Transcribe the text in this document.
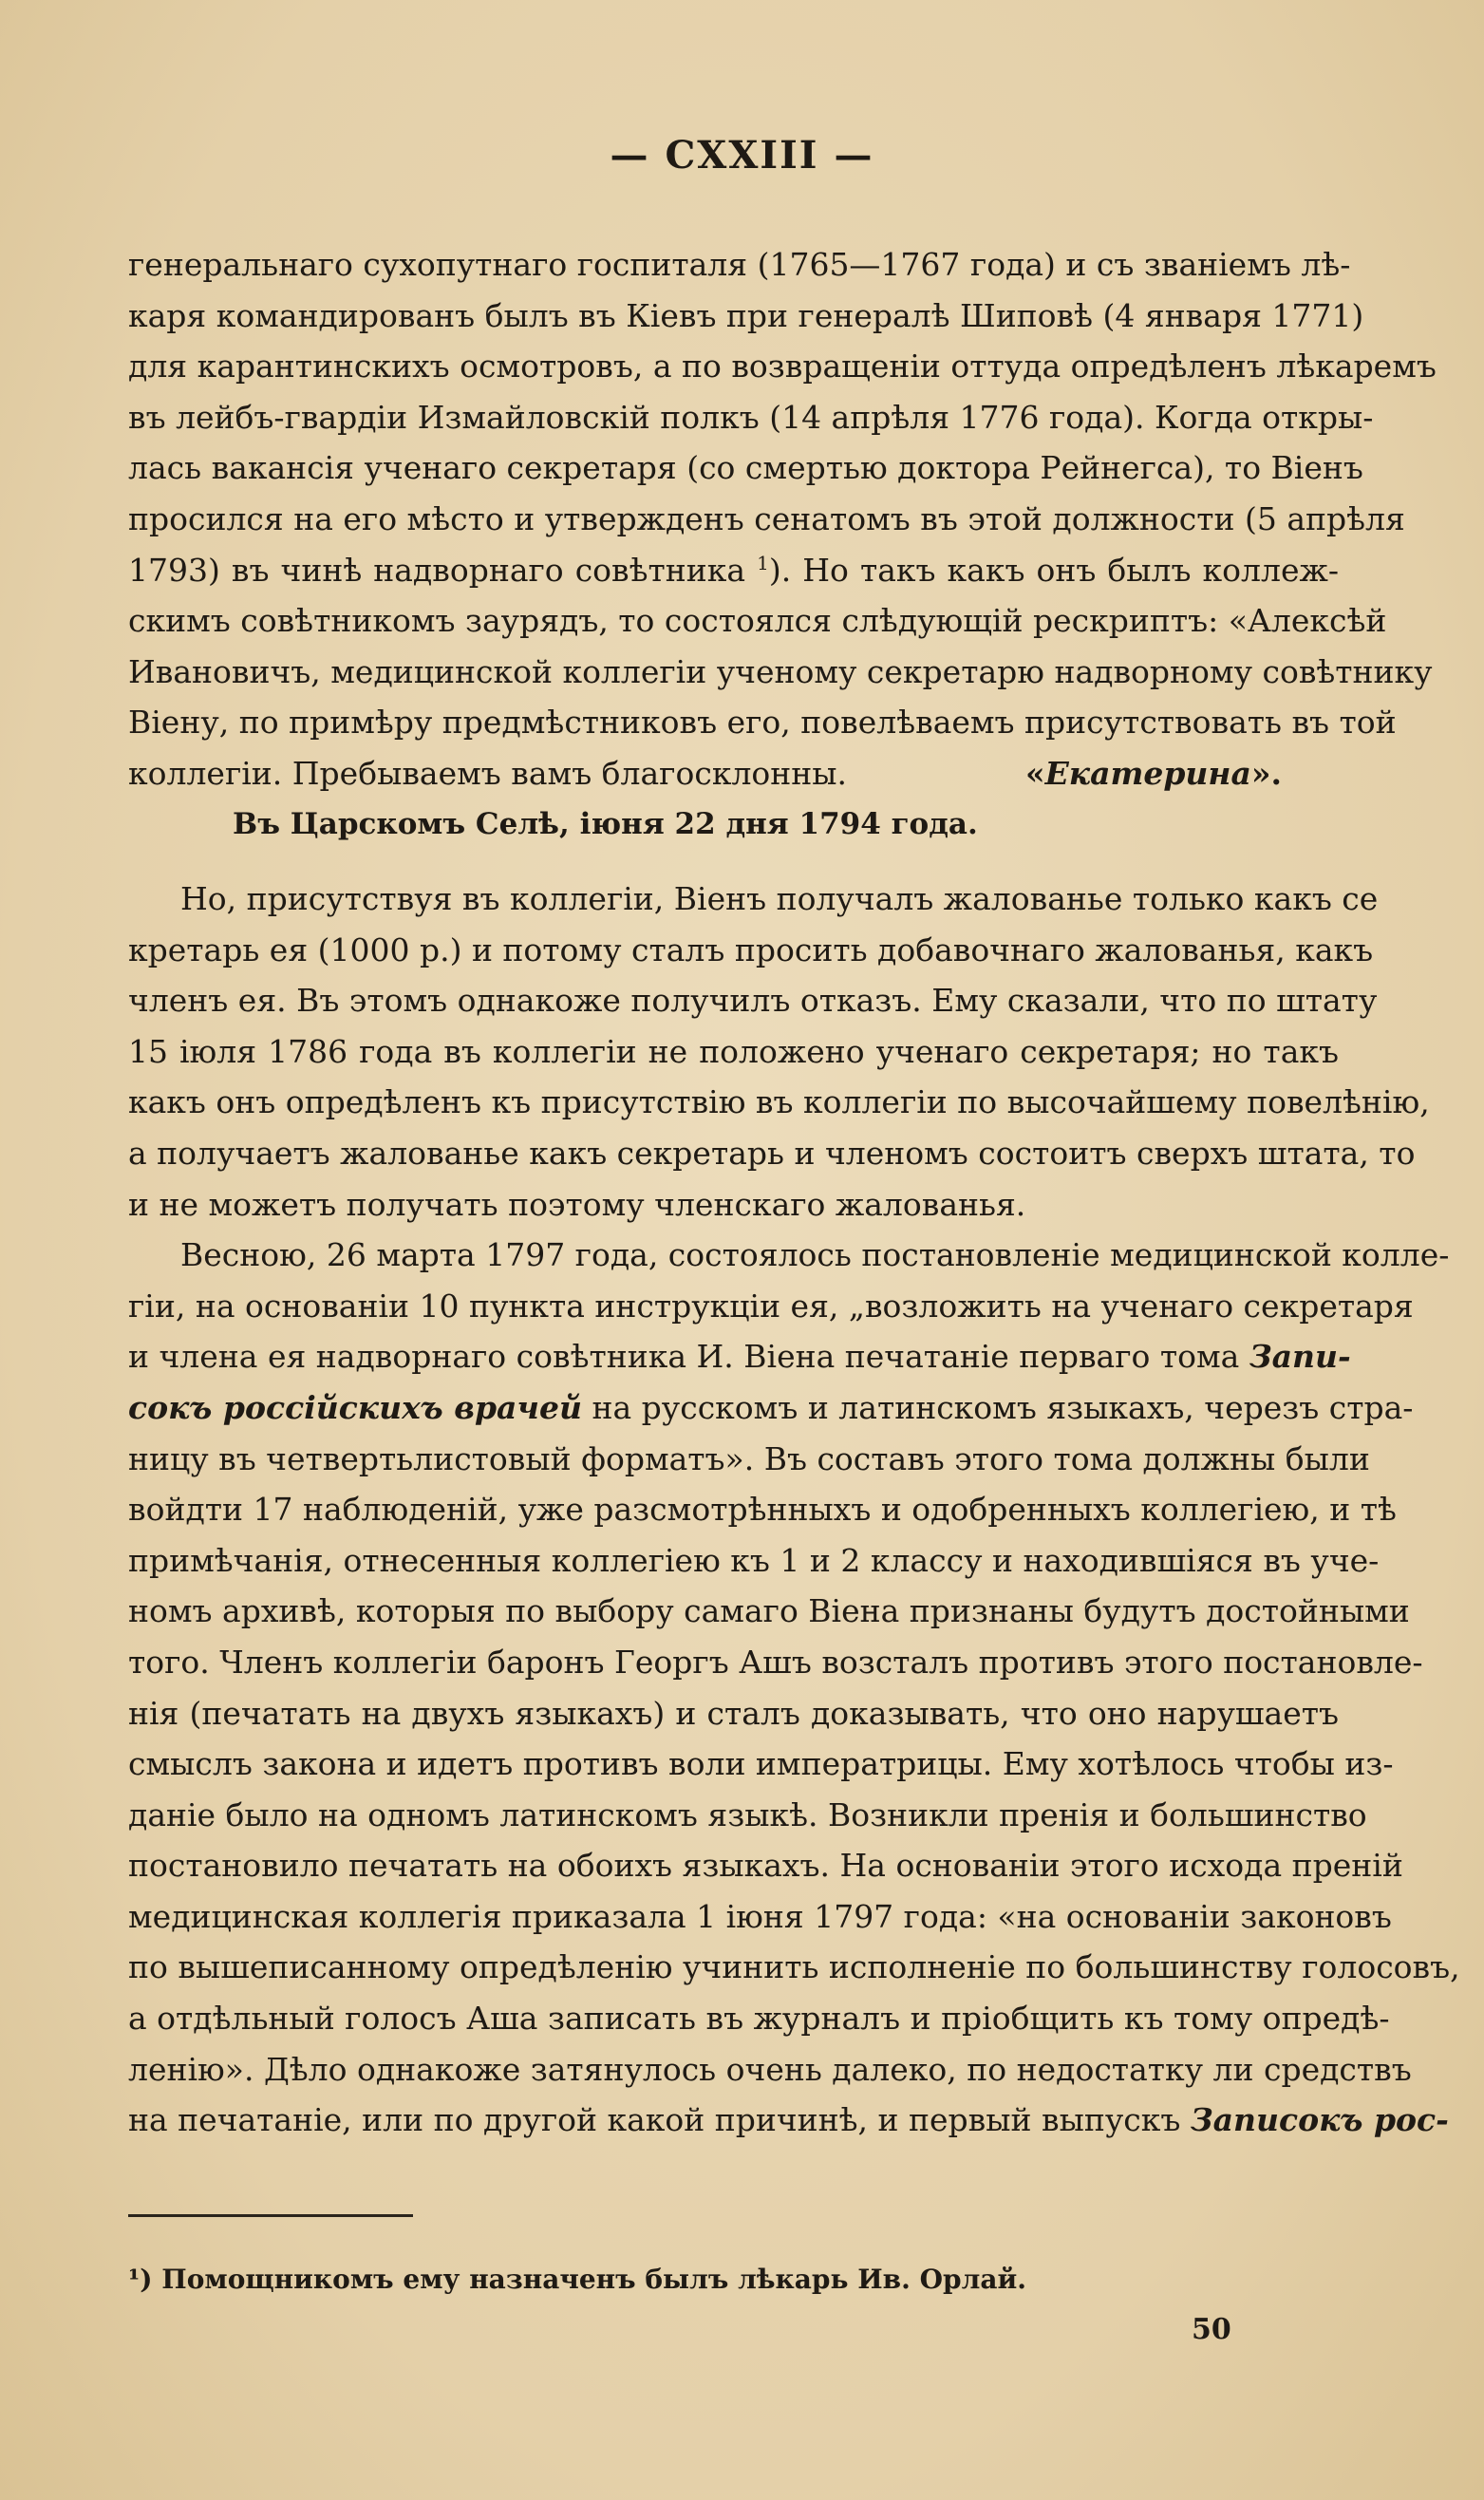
— CXXIII —
генеральнаго сухопутнаго госпиталя (1765—1767 года) и съ званіемъ лѣ-
каря командированъ былъ въ Кіевъ при генералѣ Шиповѣ (4 января 1771)
для карантинскихъ осмотровъ, а по возвращеніи оттуда опредѣленъ лѣкаремъ
въ лейбъ-гвардіи Измайловскій полкъ (14 апрѣля 1776 года). Когда откры-
лась вакансія ученаго секретаря (со смертью доктора Рейнегса), то Віенъ
просился на его мѣсто и утвержденъ сенатомъ въ этой должности (5 апрѣля
1793) въ чинѣ надворнаго совѣтника $^1$). Но такъ какъ онъ былъ коллеж-
скимъ совѣтникомъ заурядъ, то состоялся слѣдующій рескриптъ: «Алексѣй
Ивановичъ, медицинской коллегіи ученому секретарю надворному совѣтнику
Віену, по примѣру предмѣстниковъ его, повелѣваемъ присутствовать въ той
коллегіи. Пребываемъ вамъ благосклонны.	«Екатерина».
Въ Царскомъ Селѣ, іюня 22 дня 1794 года.
Но, присутствуя въ коллегіи, Віенъ получалъ жалованье только какъ се
кретарь ея (1000 р.) и потому сталъ просить добавочнаго жалованья, какъ
членъ ея. Въ этомъ однакоже получилъ отказъ. Ему сказали, что по штату
15 іюля 1786 года въ коллегіи не положено ученаго секретаря; но такъ
какъ онъ опредѣленъ къ присутствію въ коллегіи по высочайшему повелѣнію,
а получаетъ жалованье какъ секретарь и членомъ состоитъ сверхъ штата, то
и не можетъ получать поэтому членскаго жалованья.
Весною, 26 марта 1797 года, состоялось постановленіе медицинской колле-
гіи, на основаніи 10 пункта инструкціи ея, „возложить на ученаго секретаря
и члена ея надворнаго совѣтника И. Віена печатаніе перваго тома Запи-
сокъ россійскихъ врачей на русскомъ и латинскомъ языкахъ, черезъ стра-
ницу въ четвертьлистовый форматъ». Въ составъ этого тома должны были
войдти 17 наблюденій, уже разсмотрѣнныхъ и одобренныхъ коллегіею, и тѣ
примѣчанія, отнесенныя коллегіею къ 1 и 2 классу и находившіяся въ уче-
номъ архивѣ, которыя по выбору самаго Віена признаны будутъ достойными
того. Членъ коллегіи баронъ Георгъ Ашъ возсталъ противъ этого постановле-
нія (печатать на двухъ языкахъ) и сталъ доказывать, что оно нарушаетъ
смыслъ закона и идетъ противъ воли императрицы. Ему хотѣлось чтобы из-
даніе было на одномъ латинскомъ языкѣ. Возникли пренія и большинство
постановило печатать на обоихъ языкахъ. На основаніи этого исхода преній
медицинская коллегія приказала 1 іюня 1797 года: «на основаніи законовъ
по вышеписанному опредѣленію учинить исполненіе по большинству голосовъ,
а отдѣльный голосъ Аша записать въ журналъ и пріобщить къ тому опредѣ-
ленію». Дѣло однакоже затянулось очень далеко, по недостатку ли средствъ
на печатаніе, или по другой какой причинѣ, и первый выпускъ Записокъ рос-
¹) Помощникомъ ему назначенъ былъ лѣкарь Ив. Орлай.
50
